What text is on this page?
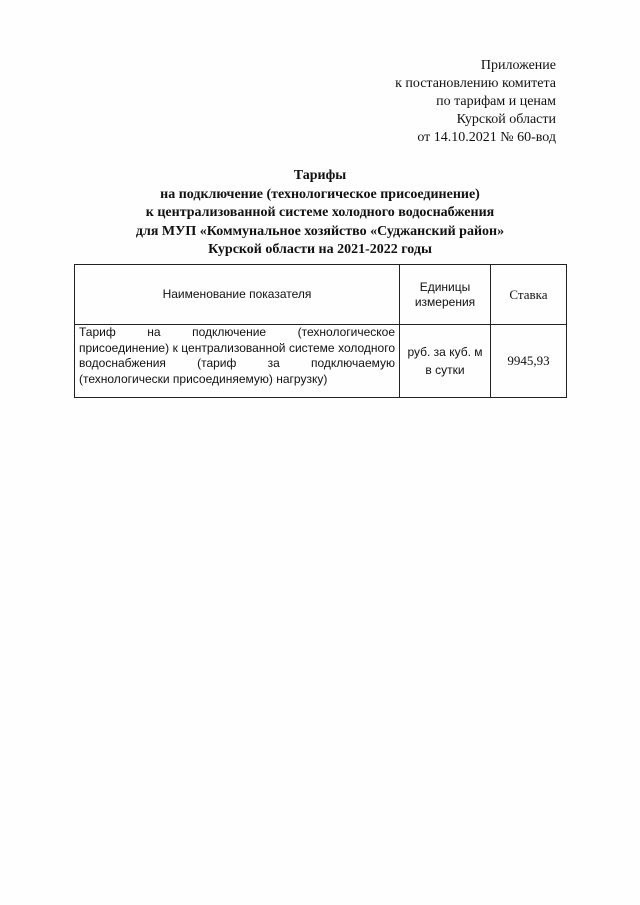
Приложение
к постановлению комитета
по тарифам и ценам
Курской области
от 14.10.2021 № 60-вод
Тарифы
на подключение (технологическое присоединение)
к централизованной системе холодного водоснабжения
для МУП «Коммунальное хозяйство «Суджанский район»
Курской области на 2021-2022 годы
Наименование показателя	Единицы измерения	Ставка
Тариф на подключение (технологическое присоединение) к централизованной системе холодного водоснабжения (тариф за подключаемую (технологически присоединяемую) нагрузку)	руб. за куб. м в сутки	9945,93
